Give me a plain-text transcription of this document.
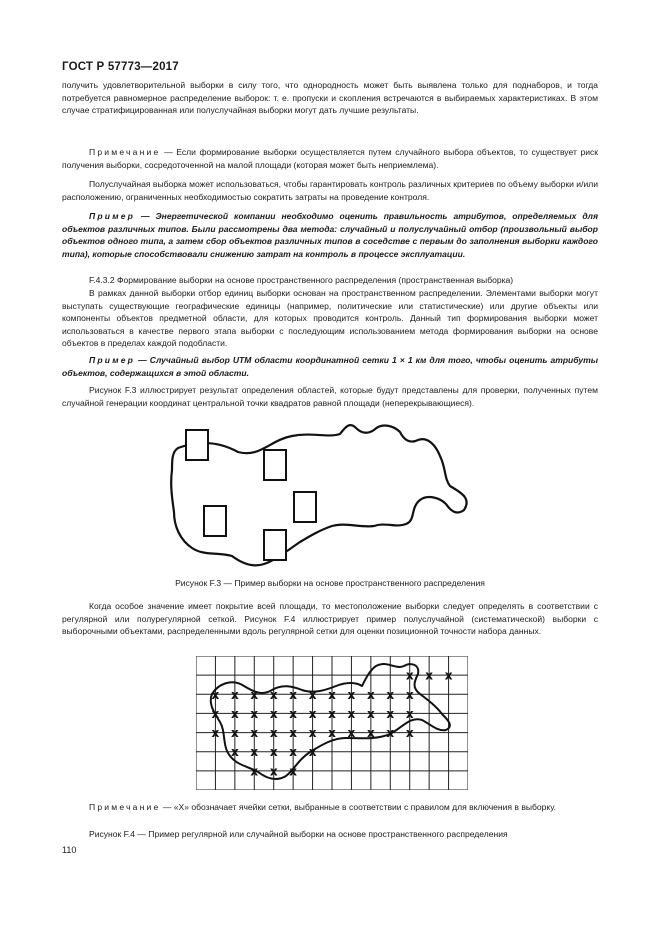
ГОСТ Р 57773—2017
получить удовлетворительной выборки в силу того, что однородность может быть выявлена только для поднаборов, и тогда потребуется равномерное распределение выборок: т. е. пропуски и скопления встречаются в выбираемых характеристиках. В этом случае стратифицированная или полуслучайная выборки могут дать лучшие результаты.
Примечание — Если формирование выборки осуществляется путем случайного выбора объектов, то существует риск получения выборки, сосредоточенной на малой площади (которая может быть неприемлема).
Полуслучайная выборка может использоваться, чтобы гарантировать контроль различных критериев по объему выборки и/или расположению, ограниченных необходимостью сократить затраты на проведение контроля.
Пример — Энергетической компании необходимо оценить правильность атрибутов, определяемых для объектов различных типов. Были рассмотрены два метода: случайный и полуслучайный отбор (произвольный выбор объектов одного типа, а затем сбор объектов различных типов в соседстве с первым до заполнения выборки каждого типа), которые способствовали снижению затрат на контроль в процессе эксплуатации.
F.4.3.2 Формирование выборки на основе пространственного распределения (пространственная выборка)
В рамках данной выборки отбор единиц выборки основан на пространственном распределении. Элементами выборки могут выступать существующие географические единицы (например, политические или статистические) или другие объекты или компоненты объектов предметной области, для которых проводится контроль. Данный тип формирования выборки может использоваться в качестве первого этапа выборки с последующим использованием метода формирования выборки на основе объектов в пределах каждой подобласти.
Пример — Случайный выбор UTM области координатной сетки 1 × 1 км для того, чтобы оценить атрибуты объектов, содержащихся в этой области.
Рисунок F.3 иллюстрирует результат определения областей, которые будут представлены для проверки, полученных путем случайной генерации координат центральной точки квадратов равной площади (неперекрывающиеся).
Рисунок F.3 — Пример выборки на основе пространственного распределения
Когда особое значение имеет покрытие всей площади, то местоположение выборки следует определять в соответствии с регулярной или полурегулярной сеткой. Рисунок F.4 иллюстрирует пример полуслучайной (систематической) выборки с выборочными объектами, распределенными вдоль регулярной сетки для оценки позиционной точности набора данных.
x x x
x x x x x x x x x x x
x x x x x x x x x x x
x x x x x x x x x x x
x x x x x
x x x
Примечание — «X» обозначает ячейки сетки, выбранные в соответствии с правилом для включения в выборку.
Рисунок F.4 — Пример регулярной или случайной выборки на основе пространственного распределения
110
